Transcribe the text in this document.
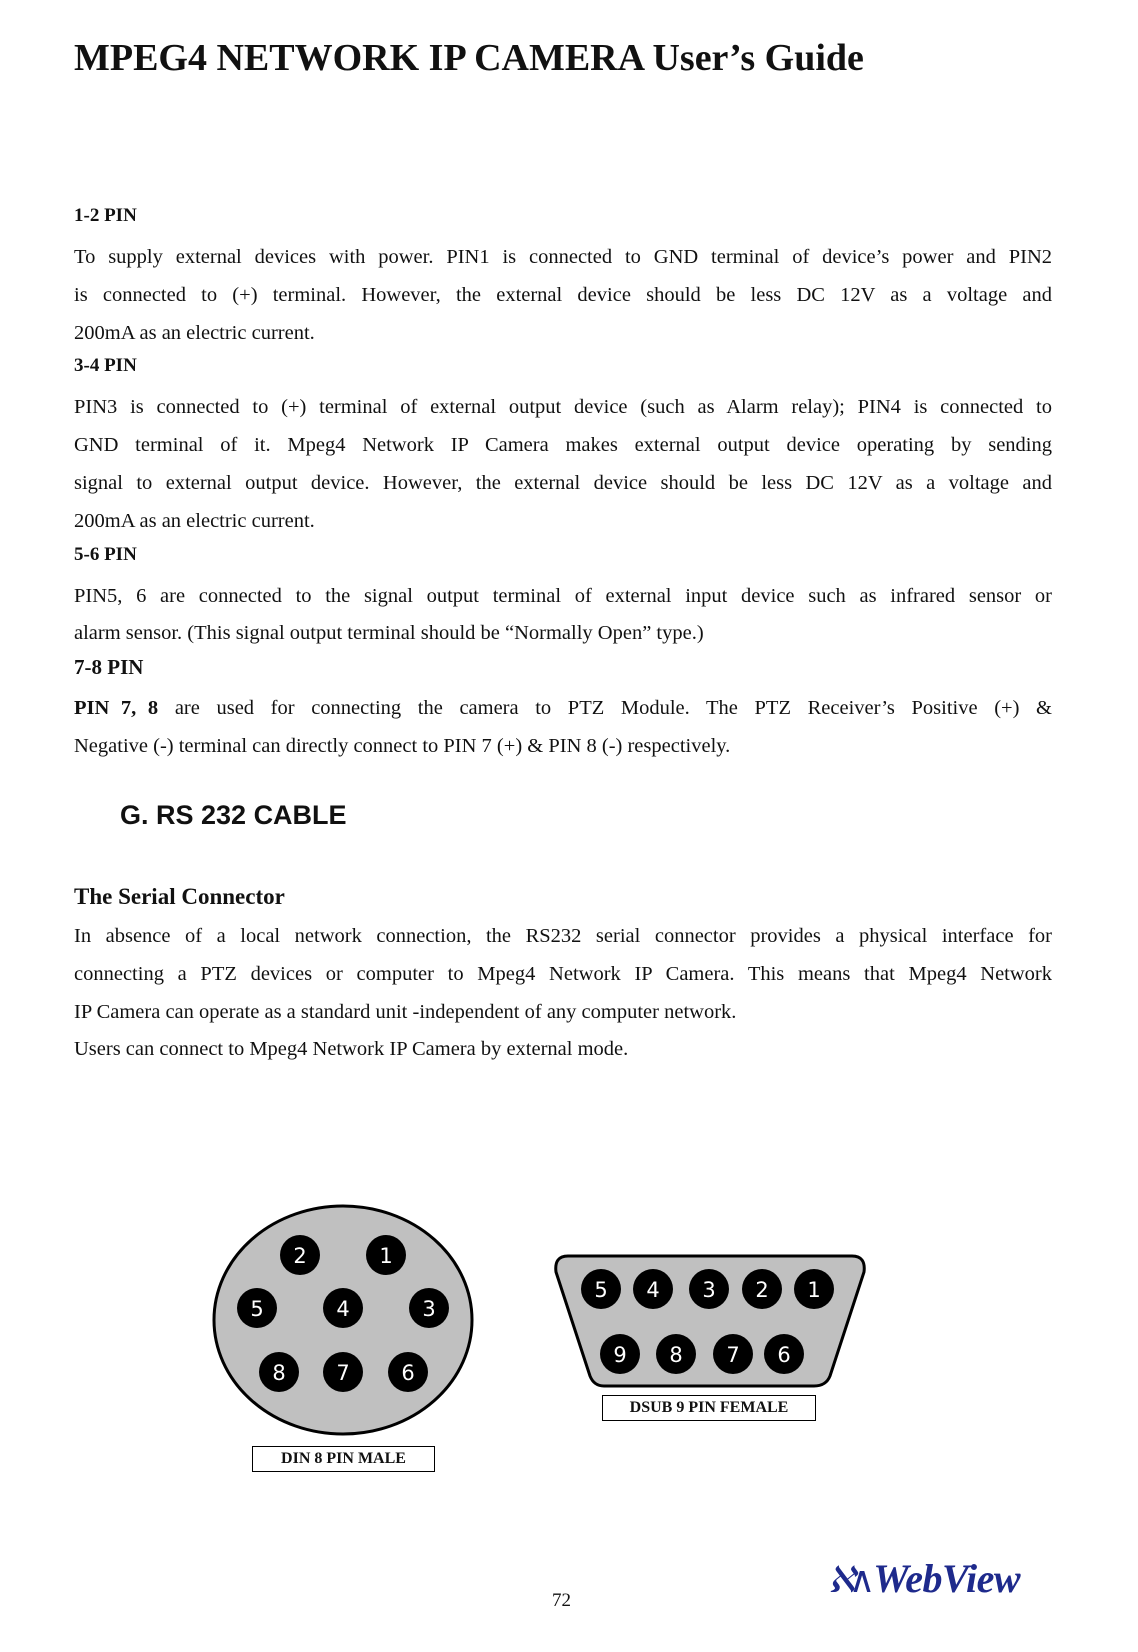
MPEG4 NETWORK IP CAMERA User’s Guide
1-2 PIN
To supply external devices with power. PIN1 is connected to GND terminal of device’s power and PIN2
is connected to (+) terminal. However, the external device should be less DC 12V as a voltage and
200mA as an electric current.
3-4 PIN
PIN3 is connected to (+) terminal of external output device (such as Alarm relay); PIN4 is connected to
GND terminal of it. Mpeg4 Network IP Camera makes external output device operating by sending
signal to external output device. However, the external device should be less DC 12V as a voltage and
200mA as an electric current.
5-6 PIN
PIN5, 6 are connected to the signal output terminal of external input device such as infrared sensor or
alarm sensor. (This signal output terminal should be “Normally Open” type.)
7-8 PIN
PIN 7, 8 are used for connecting the camera to PTZ Module. The PTZ Receiver’s Positive (+) &
Negative (-) terminal can directly connect to PIN 7 (+) & PIN 8 (-) respectively.
G. RS 232 CABLE
The Serial Connector
In absence of a local network connection, the RS232 serial connector provides a physical interface for
connecting a PTZ devices or computer to Mpeg4 Network IP Camera. This means that Mpeg4 Network
IP Camera can operate as a standard unit -independent of any computer network.
Users can connect to Mpeg4 Network IP Camera by external mode.
2	1
5	4	3
8 7 6
5 4 3 2 1
9 8 7 6
DSUB 9 PIN FEMALE
DIN 8 PIN MALE
72
ℵ∧ WebView
